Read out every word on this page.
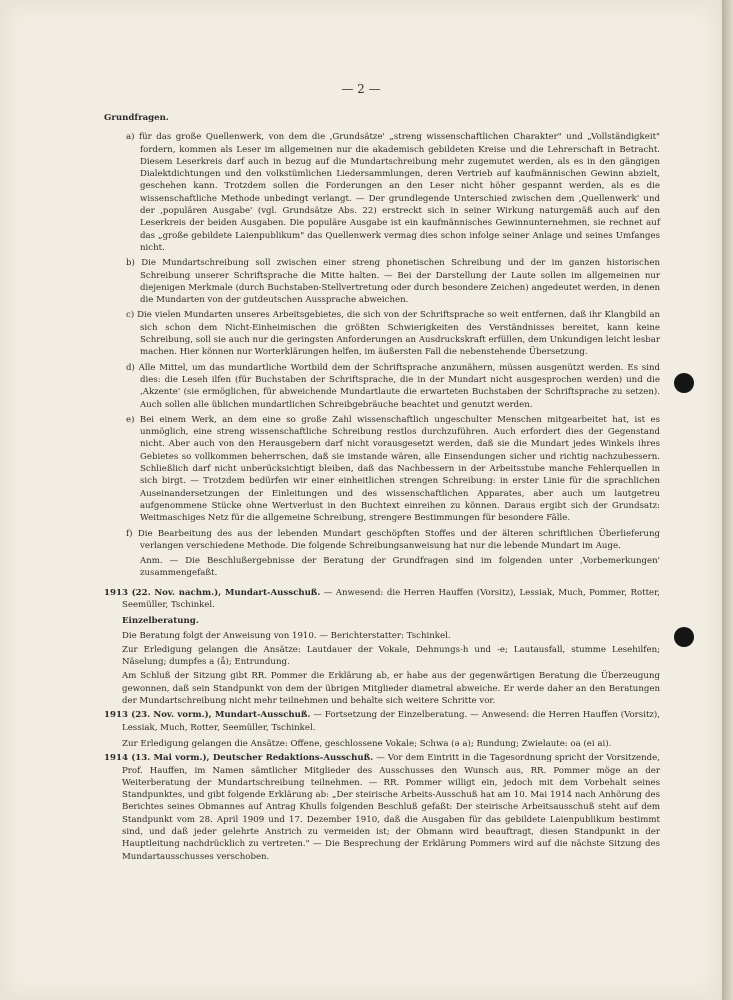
— 2 —

Grundfragen.

a) für das große Quellenwerk, von dem die ‚Grundsätze' „streng wissenschaftlichen Charakter" und „Vollständigkeit" fordern, kommen als Leser im allgemeinen nur die akademisch gebildeten Kreise und die Lehrerschaft in Betracht. Diesem Leserkreis darf auch in bezug auf die Mundartschreibung mehr zugemutet werden, als es in den gängigen Dialektdichtungen und den volkstümlichen Liedersammlungen, deren Vertrieb auf kaufmännischen Gewinn abzielt, geschehen kann. Trotzdem sollen die Forderungen an den Leser nicht höher gespannt werden, als es die wissenschaftliche Methode unbedingt verlangt. — Der grundlegende Unterschied zwischen dem ‚Quellenwerk' und der ‚populären Ausgabe' (vgl. Grundsätze Abs. 22) erstreckt sich in seiner Wirkung naturgemäß auch auf den Leserkreis der beiden Ausgaben. Die populäre Ausgabe ist ein kaufmännisches Gewinnunternehmen, sie rechnet auf das „große gebildete Laienpublikum" das Quellenwerk vermag dies schon infolge seiner Anlage und seines Umfanges nicht.

b) Die Mundartschreibung soll zwischen einer streng phonetischen Schreibung und der im ganzen historischen Schreibung unserer Schriftsprache die Mitte halten. — Bei der Darstellung der Laute sollen im allgemeinen nur diejenigen Merkmale (durch Buchstaben-Stellvertretung oder durch besondere Zeichen) angedeutet werden, in denen die Mundarten von der gutdeutschen Aussprache abweichen.

c) Die vielen Mundarten unseres Arbeitsgebietes, die sich von der Schriftsprache so weit entfernen, daß ihr Klangbild an sich schon dem Nicht-Einheimischen die größten Schwierigkeiten des Verständnisses bereitet, kann keine Schreibung, soll sie auch nur die geringsten Anforderungen an Ausdruckskraft erfüllen, dem Unkundigen leicht lesbar machen. Hier können nur Worterklärungen helfen, im äußersten Fall die nebenstehende Übersetzung.

d) Alle Mittel, um das mundartliche Wortbild dem der Schriftsprache anzunähern, müssen ausgenützt werden. Es sind dies: die Leseh ilfen (für Buchstaben der Schriftsprache, die in der Mundart nicht ausgesprochen werden) und die ‚Akzente' (sie ermöglichen, für abweichende Mundartlaute die erwarteten Buchstaben der Schriftsprache zu setzen). Auch sollen alle üblichen mundartlichen Schreibgebräuche beachtet und genutzt werden.

e) Bei einem Werk, an dem eine so große Zahl wissenschaftlich ungeschulter Menschen mitgearbeitet hat, ist es unmöglich, eine streng wissenschaftliche Schreibung restlos durchzuführen. Auch erfordert dies der Gegenstand nicht. Aber auch von den Herausgebern darf nicht vorausgesetzt werden, daß sie die Mundart jedes Winkels ihres Gebietes so vollkommen beherrschen, daß sie imstande wären, alle Einsendungen sicher und richtig nachzubessern. Schließlich darf nicht unberücksichtigt bleiben, daß das Nachbessern in der Arbeitsstube manche Fehlerquellen in sich birgt. — Trotzdem bedürfen wir einer einheitlichen strengen Schreibung: in erster Linie für die sprachlichen Auseinandersetzungen der Einleitungen und des wissenschaftlichen Apparates, aber auch um lautgetreu aufgenommene Stücke ohne Wertverlust in den Buchtext einreihen zu können. Daraus ergibt sich der Grundsatz: Weitmaschiges Netz für die allgemeine Schreibung, strengere Bestimmungen für besondere Fälle.

f) Die Bearbeitung des aus der lebenden Mundart geschöpften Stoffes und der älteren schriftlichen Überlieferung verlangen verschiedene Methode. Die folgende Schreibungsanweisung hat nur die lebende Mundart im Auge.

Anm. — Die Beschlußergebnisse der Beratung der Grundfragen sind im folgenden unter ‚Vorbemerkungen' zusammengefaßt.

1913 (22. Nov. nachm.), Mundart-Ausschuß. — Anwesend: die Herren Hauffen (Vorsitz), Lessiak, Much, Pommer, Rotter, Seemüller, Tschinkel.

Einzelberatung.

Die Beratung folgt der Anweisung von 1910. — Berichterstatter: Tschinkel.

Zur Erledigung gelangen die Ansätze: Lautdauer der Vokale, Dehnungs-h und -e; Lautausfall, stumme Lesehilfen; Näselung; dumpfes a (å); Entrundung.

Am Schluß der Sitzung gibt RR. Pommer die Erklärung ab, er habe aus der gegenwärtigen Beratung die Überzeugung gewonnen, daß sein Standpunkt von dem der übrigen Mitglieder diametral abweiche. Er werde daher an den Beratungen der Mundartschreibung nicht mehr teilnehmen und behalte sich weitere Schritte vor.

1913 (23. Nov. vorm.), Mundart-Ausschuß. — Fortsetzung der Einzelberatung. — Anwesend: die Herren Hauffen (Vorsitz), Lessiak, Much, Rotter, Seemüller, Tschinkel.

Zur Erledigung gelangen die Ansätze: Offene, geschlossene Vokale; Schwa (ə a); Rundung; Zwielaute: oa (ei ai).

1914 (13. Mai vorm.), Deutscher Redaktions-Ausschuß. — Vor dem Eintritt in die Tagesordnung spricht der Vorsitzende, Prof. Hauffen, im Namen sämtlicher Mitglieder des Ausschusses den Wunsch aus, RR. Pommer möge an der Weiterberatung der Mundartschreibung teilnehmen. — RR. Pommer willigt ein, jedoch mit dem Vorbehalt seines Standpunktes, und gibt folgende Erklärung ab: „Der steirische Arbeits-Ausschuß hat am 10. Mai 1914 nach Anhörung des Berichtes seines Obmannes auf Antrag Khulls folgenden Beschluß gefaßt: Der steirische Arbeitsausschuß steht auf dem Standpunkt vom 28. April 1909 und 17. Dezember 1910, daß die Ausgaben für das gebildete Laienpublikum bestimmt sind, und daß jeder gelehrte Anstrich zu vermeiden ist; der Obmann wird beauftragt, diesen Standpunkt in der Hauptleitung nachdrücklich zu vertreten." — Die Besprechung der Erklärung Pommers wird auf die nächste Sitzung des Mundartausschusses verschoben.
